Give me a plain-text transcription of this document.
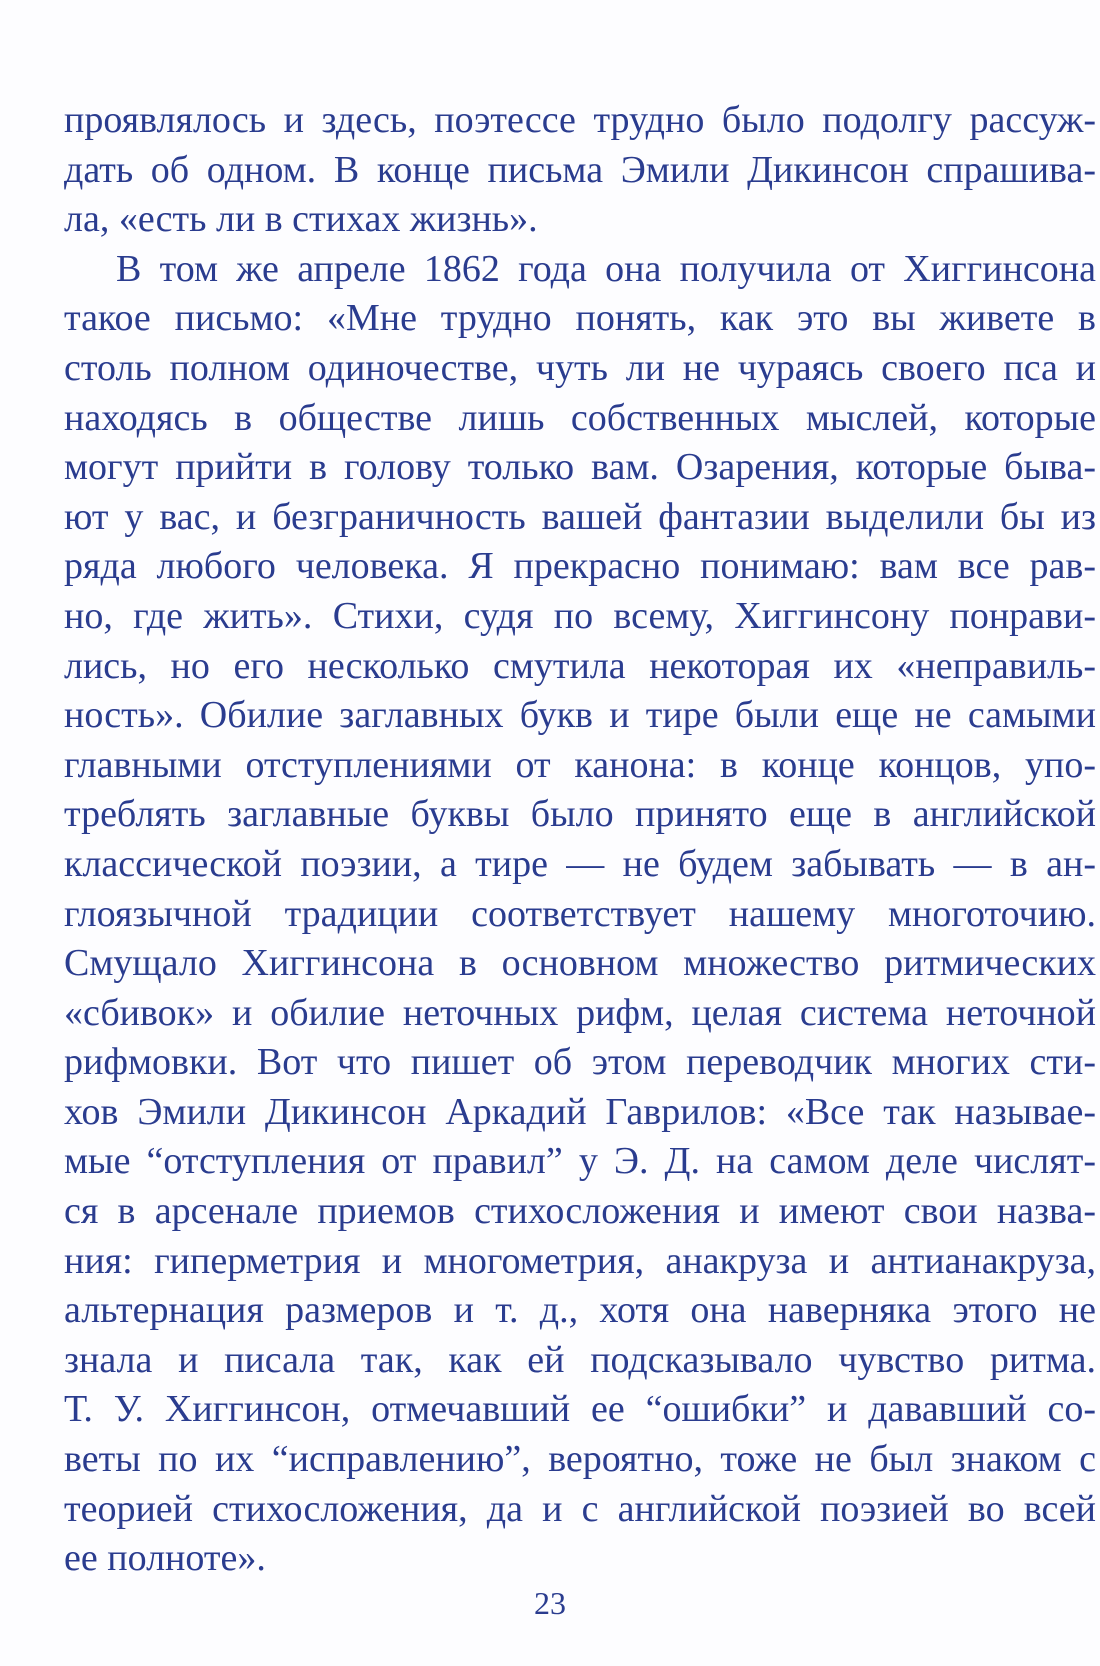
проявлялось и здесь, поэтессе трудно было подолгу рассуж-
дать об одном. В конце письма Эмили Дикинсон спрашива-
ла, «есть ли в стихах жизнь».
В том же апреле 1862 года она получила от Хиггинсона
такое письмо: «Мне трудно понять, как это вы живете в
столь полном одиночестве, чуть ли не чураясь своего пса и
находясь в обществе лишь собственных мыслей, которые
могут прийти в голову только вам. Озарения, которые быва-
ют у вас, и безграничность вашей фантазии выделили бы из
ряда любого человека. Я прекрасно понимаю: вам все рав-
но, где жить». Стихи, судя по всему, Хиггинсону понрави-
лись, но его несколько смутила некоторая их «неправиль-
ность». Обилие заглавных букв и тире были еще не самыми
главными отступлениями от канона: в конце концов, упо-
треблять заглавные буквы было принято еще в английской
классической поэзии, а тире — не будем забывать — в ан-
глоязычной традиции соответствует нашему многоточию.
Смущало Хиггинсона в основном множество ритмических
«сбивок» и обилие неточных рифм, целая система неточной
рифмовки. Вот что пишет об этом переводчик многих сти-
хов Эмили Дикинсон Аркадий Гаврилов: «Все так называе-
мые “отступления от правил” у Э. Д. на самом деле числят-
ся в арсенале приемов стихосложения и имеют свои назва-
ния: гиперметрия и многометрия, анакруза и антианакруза,
альтернация размеров и т. д., хотя она наверняка этого не
знала и писала так, как ей подсказывало чувство ритма.
Т. У. Хиггинсон, отмечавший ее “ошибки” и дававший со-
веты по их “исправлению”, вероятно, тоже не был знаком с
теорией стихосложения, да и с английской поэзией во всей
ее полноте».
23
